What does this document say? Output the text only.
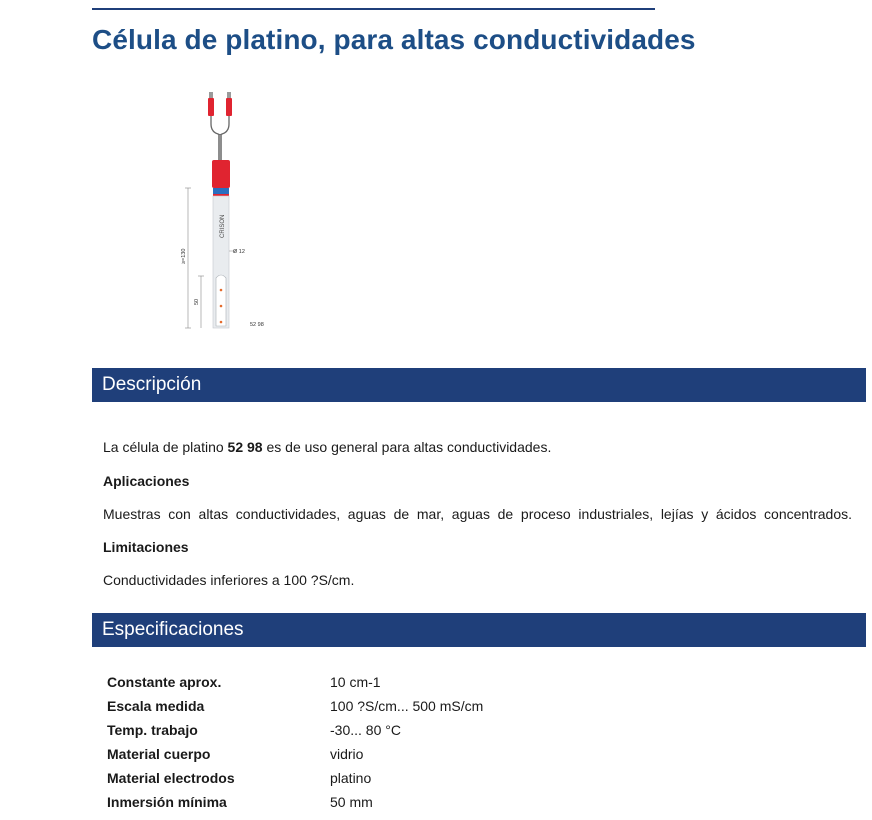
Célula de platino, para altas conductividades
CRISON
≥=130
50
Ø 12
52 98
Descripción

La célula de platino 52 98 es de uso general para altas conductividades.

Aplicaciones

Muestras con altas conductividades, aguas de mar, aguas de proceso industriales, lejías y ácidos concentrados.

Limitaciones

Conductividades inferiores a 100 ?S/cm.

Especificaciones
Constante aprox.	10 cm-1
Escala medida	100 ?S/cm... 500 mS/cm
Temp. trabajo	-30... 80 °C
Material cuerpo	vidrio
Material electrodos	platino
Inmersión mínima	50 mm
